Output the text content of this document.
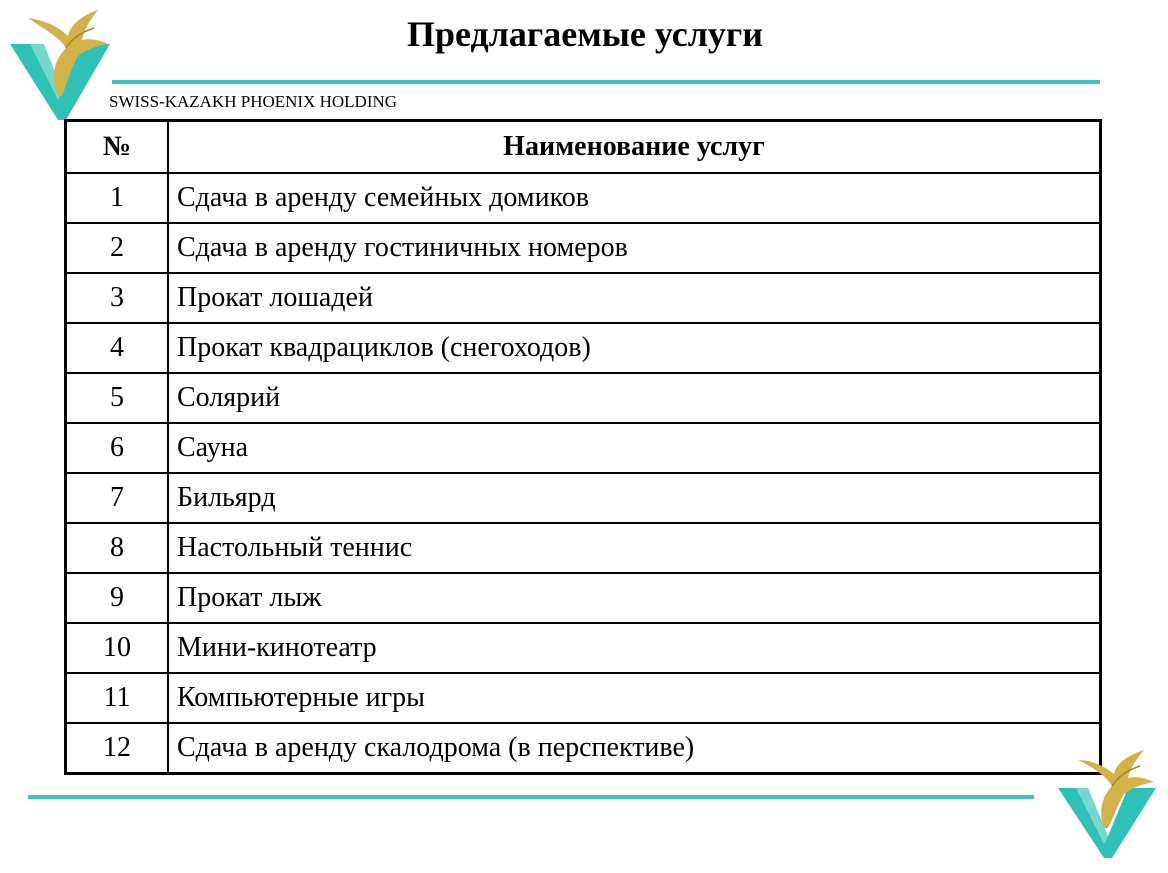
Предлагаемые услуги
SWISS-KAZAKH PHOENIX HOLDING
№	Наименование услуг
1	Сдача в аренду семейных домиков
2	Сдача в аренду гостиничных номеров
3	Прокат лошадей
4	Прокат квадрациклов (снегоходов)
5	Солярий
6	Сауна
7	Бильярд
8	Настольный теннис
9	Прокат лыж
10	Мини-кинотеатр
11	Компьютерные игры
12	Сдача в аренду скалодрома (в перспективе)
